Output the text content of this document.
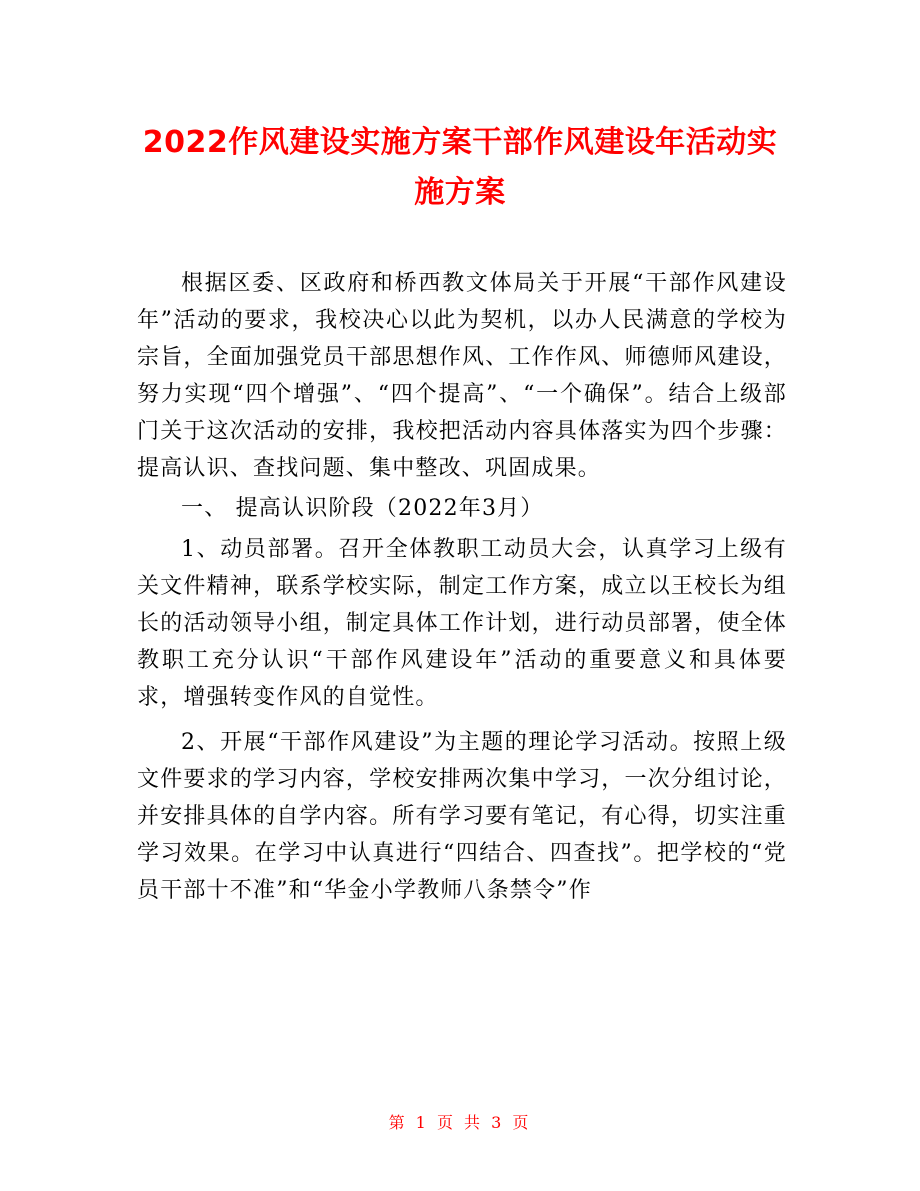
2022作风建设实施方案干部作风建设年活动实施方案

根据区委、区政府和桥西教文体局关于开展“干部作风建设年”活动的要求，我校决心以此为契机，以办人民满意的学校为宗旨，全面加强党员干部思想作风、工作作风、师德师风建设，努力实现“四个增强”、“四个提高”、“一个确保”。结合上级部门关于这次活动的安排，我校把活动内容具体落实为四个步骤：提高认识、查找问题、集中整改、巩固成果。

一、 提高认识阶段（2022年3月）

1、动员部署。召开全体教职工动员大会，认真学习上级有关文件精神，联系学校实际，制定工作方案，成立以王校长为组长的活动领导小组，制定具体工作计划，进行动员部署，使全体教职工充分认识“干部作风建设年”活动的重要意义和具体要求，增强转变作风的自觉性。

2、开展“干部作风建设”为主题的理论学习活动。按照上级文件要求的学习内容，学校安排两次集中学习，一次分组讨论，并安排具体的自学内容。所有学习要有笔记，有心得，切实注重学习效果。在学习中认真进行“四结合、四查找”。把学校的“党员干部十不准”和“华金小学教师八条禁令”作

第 1 页 共 3 页
